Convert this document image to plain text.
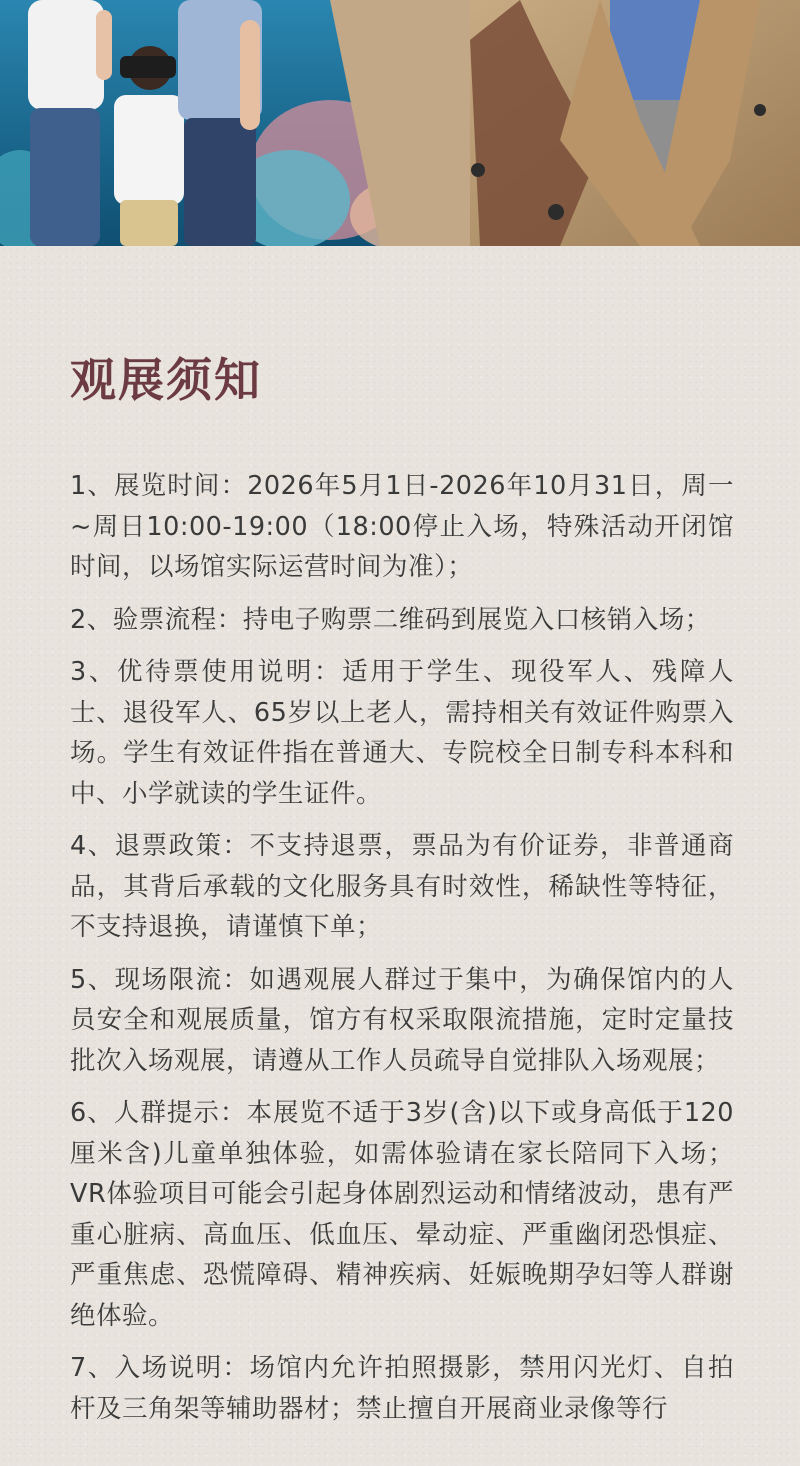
观展须知
1、展览时间：2026年5月1日-2026年10月31日，周一~周日10:00-19:00（18:00停止入场，特殊活动开闭馆时间，以场馆实际运营时间为准）；
2、验票流程：持电子购票二维码到展览入口核销入场；
3、优待票使用说明：适用于学生、现役军人、残障人士、退役军人、65岁以上老人，需持相关有效证件购票入场。学生有效证件指在普通大、专院校全日制专科本科和中、小学就读的学生证件。
4、退票政策：不支持退票，票品为有价证券，非普通商品，其背后承载的文化服务具有时效性，稀缺性等特征，不支持退换，请谨慎下单；
5、现场限流：如遇观展人群过于集中，为确保馆内的人员安全和观展质量，馆方有权采取限流措施，定时定量技批次入场观展，请遵从工作人员疏导自觉排队入场观展；
6、人群提示：本展览不适于3岁(含)以下或身高低于120厘米含)儿童单独体验，如需体验请在家长陪同下入场；VR体验项目可能会引起身体剧烈运动和情绪波动，患有严重心脏病、高血压、低血压、晕动症、严重幽闭恐惧症、严重焦虑、恐慌障碍、精神疾病、妊娠晚期孕妇等人群谢绝体验。
7、入场说明：场馆内允许拍照摄影，禁用闪光灯、自拍杆及三角架等辅助器材；禁止擅自开展商业录像等行
